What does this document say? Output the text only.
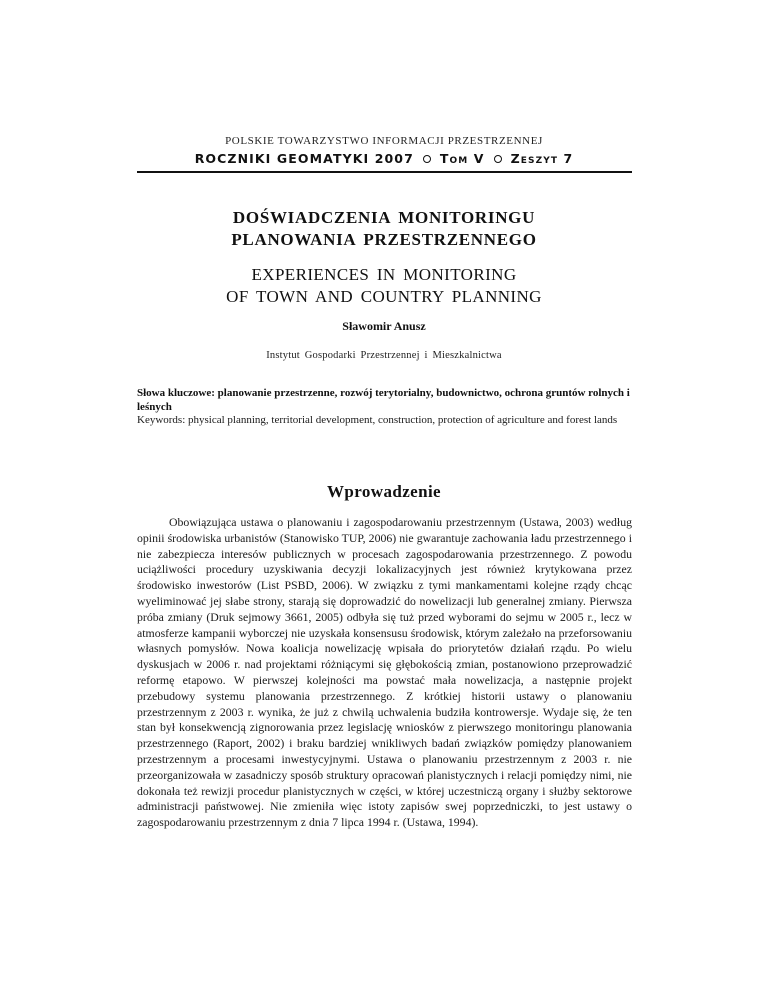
POLSKIE TOWARZYSTWO INFORMACJI PRZESTRZENNEJ
ROCZNIKI GEOMATYKI 2007 Tom V Zeszyt 7
DOŚWIADCZENIA MONITORINGU
PLANOWANIA PRZESTRZENNEGO
EXPERIENCES IN MONITORING
OF TOWN AND COUNTRY PLANNING
Sławomir Anusz
Instytut Gospodarki Przestrzennej i Mieszkalnictwa
Słowa kluczowe: planowanie przestrzenne, rozwój terytorialny, budownictwo, ochrona gruntów rolnych i leśnych
Keywords: physical planning, territorial development, construction, protection of agriculture and forest lands
Wprowadzenie

Obowiązująca ustawa o planowaniu i zagospodarowaniu przestrzennym (Ustawa, 2003) według opinii środowiska urbanistów (Stanowisko TUP, 2006) nie gwarantuje zachowania ładu przestrzennego i nie zabezpiecza interesów publicznych w procesach zagospodarowania przestrzennego. Z powodu uciążliwości procedury uzyskiwania decyzji lokalizacyjnych jest również krytykowana przez środowisko inwestorów (List PSBD, 2006). W związku z tymi mankamentami kolejne rządy chcąc wyeliminować jej słabe strony, starają się doprowadzić do nowelizacji lub generalnej zmiany. Pierwsza próba zmiany (Druk sejmowy 3661, 2005) odbyła się tuż przed wyborami do sejmu w 2005 r., lecz w atmosferze kampanii wyborczej nie uzyskała konsensusu środowisk, którym zależało na przeforsowaniu własnych pomysłów. Nowa koalicja nowelizację wpisała do priorytetów działań rządu. Po wielu dyskusjach w 2006 r. nad projektami różniącymi się głębokością zmian, postanowiono przeprowadzić reformę etapowo. W pierwszej kolejności ma powstać mała nowelizacja, a następnie projekt przebudowy systemu planowania przestrzennego. Z krótkiej historii ustawy o planowaniu przestrzennym z 2003 r. wynika, że już z chwilą uchwalenia budziła kontrowersje. Wydaje się, że ten stan był konsekwencją zignorowania przez legislację wniosków z pierwszego monitoringu planowania przestrzennego (Raport, 2002) i braku bardziej wnikliwych badań związków pomiędzy planowaniem przestrzennym a procesami inwestycyjnymi. Ustawa o planowaniu przestrzennym z 2003 r. nie przeorganizowała w zasadniczy sposób struktury opracowań planistycznych i relacji pomiędzy nimi, nie dokonała też rewizji procedur planistycznych w części, w której uczestniczą organy i służby sektorowe administracji państwowej. Nie zmieniła więc istoty zapisów swej poprzedniczki, to jest ustawy o zagospodarowaniu przestrzennym z dnia 7 lipca 1994 r. (Ustawa, 1994).
